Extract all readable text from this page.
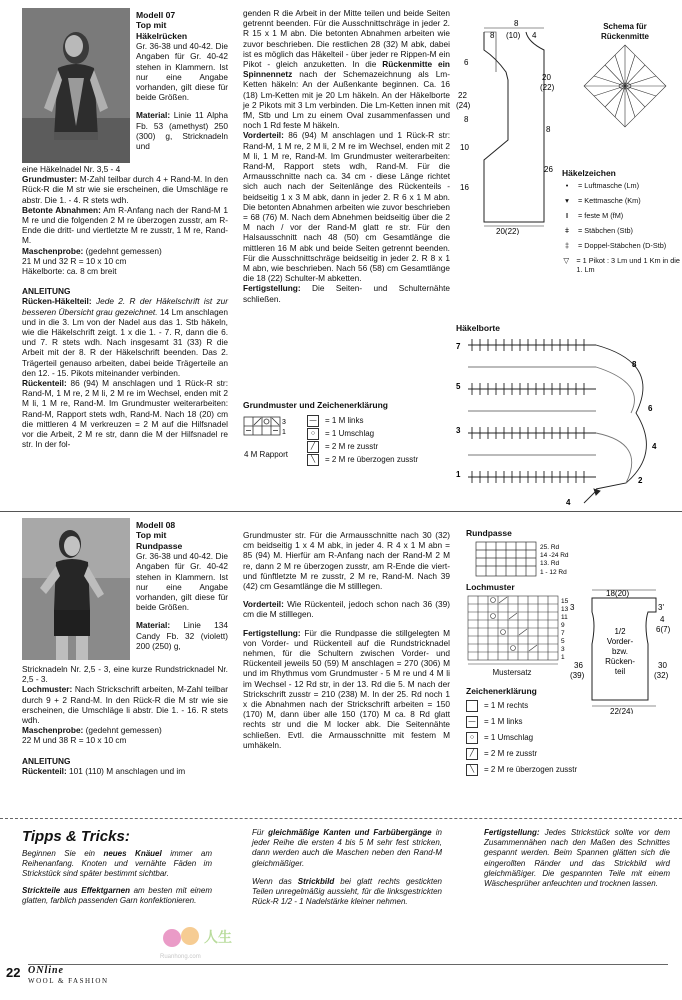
Modell 07
Top mit
Häkelrücken

Gr. 36-38 und 40-42. Die Angaben für Gr. 40-42 stehen in Klammern. Ist nur eine Angabe vorhanden, gilt diese für beide Größen.

Material: Linie 11 Alpha Fb. 53 (amethyst) 250 (300) g, Stricknadeln und

eine Häkelnadel Nr. 3,5 - 4

Grundmuster: M-Zahl teilbar durch 4 + Rand-M. In den Rück-R die M str wie sie erscheinen, die Umschläge re abstr. Die 1. - 4. R stets wdh.

Betonte Abnahmen: Am R-Anfang nach der Rand-M 1 M re und die folgenden 2 M re überzogen zusstr, am R-Ende die dritt- und viertletzte M re zusstr, 1 M re, Rand-M.

Maschenprobe: (gedehnt gemessen)

21 M und 32 R = 10 x 10 cm

Häkelborte: ca. 8 cm breit

ANLEITUNG

Rücken-Häkelteil: Jede 2. R der Häkelschrift ist zur besseren Übersicht grau gezeichnet. 14 Lm anschlagen und in die 3. Lm von der Nadel aus das 1. Stb häkeln, wie die Häkelschrift zeigt. 1 x die 1. - 7. R, dann die 6. und 7. R stets wdh. Nach insgesamt 31 (33) R die Arbeit mit der 8. R der Häkelschrift beenden. Das 2. Trägerteil genauso arbeiten, dabei beide Trägerteile an den 12. - 15. Pikots miteinander verbinden.

Rückenteil: 86 (94) M anschlagen und 1 Rück-R str: Rand-M, 1 M re, 2 M li, 2 M re im Wechsel, enden mit 2 M li, 1 M re, Rand-M. Im Grundmuster weiterarbeiten: Rand-M, Rapport stets wdh, Rand-M. Nach 18 (20) cm die mittleren 4 M verkreuzen = 2 M auf die Hilfsnadel vor die Arbeit, 2 M re str, dann die M der Hilfsnadel re str. In der fol-

genden R die Arbeit in der Mitte teilen und beide Seiten getrennt beenden. Für die Ausschnittschräge in jeder 2. R 15 x 1 M abn. Die betonten Abnahmen arbeiten wie zuvor beschrieben. Die restlichen 28 (32) M abk, dabei ist es möglich das Häkelteil - über jeder re Rippen-M ein Pikot - gleich anzuketten. In die Rückenmitte ein Spinnennetz nach der Schemazeichnung als Lm-Ketten häkeln: An der Außenkante beginnen. Ca. 16 (18) Lm-Ketten mit je 20 Lm häkeln. An der Häkelborte je 2 Pikots mit 3 Lm verbinden. Die Lm-Ketten innen mit fM, Stb und Lm zu einem Oval zusammenfassen und noch 1 Rd feste M häkeln.

Vorderteil: 86 (94) M anschlagen und 1 Rück-R str: Rand-M, 1 M re, 2 M li, 2 M re im Wechsel, enden mit 2 M li, 1 M re, Rand-M. Im Grundmuster weiterarbeiten: Rand-M, Rapport stets wdh, Rand-M. Für die Armausschnitte nach ca. 34 cm - diese Länge richtet sich auch nach der Seitenlänge des Rückenteils - beidseitig 1 x 3 M abk, dann in jeder 2. R 6 x 1 M abn. Die betonten Abnahmen arbeiten wie zuvor beschrieben = 68 (76) M. Nach dem Abnehmen beidseitig über die 2 M nach / vor der Rand-M glatt re str. Für den Halsausschnitt nach 48 (50) cm Gesamtlänge die mittleren 16 M abk und beide Seiten getrennt beenden. Für die Ausschnittschräge beidseitig in jeder 2. R 8 x 1 M abn, wie beschrieben. Nach 56 (58) cm Gesamtlänge die 18 (22) Schulter-M abketten.

Fertigstellung: Die Seiten- und Schulternähte schließen.

Grundmuster und Zeichenerklärung
3
1
4 M Rapport
—	= 1 M links
○	= 1 Umschlag
╱	= 2 M re zusstr
╲	= 2 M re überzogen zusstr
8
8 (10) 4
6
22
(24)
8
10
16
20
(22)
8
26
20(22)
Schema für Rückenmitte
Häkelzeichen
•	= Luftmasche (Lm)
▾	= Kettmasche (Km)
I	= feste M (fM)
ǂ	= Stäbchen (Stb)
‡	= Doppel-Stäbchen (D-Stb)
▽ = 1 Pikot : 3 Lm und 1 Km in die 1. Lm
Häkelborte
7
5
3
1
8
6
4
2
4
Modell 08
Top mit
Rundpasse

Gr. 36-38 und 40-42. Die Angaben für Gr. 40-42 stehen in Klammern. Ist nur eine Angabe vorhanden, gilt diese für beide Größen.

Material: Linie 134 Candy Fb. 32 (violett) 200 (250) g,

Stricknadeln Nr. 2,5 - 3, eine kurze Rundstricknadel Nr. 2,5 - 3.

Lochmuster: Nach Strickschrift arbeiten, M-Zahl teilbar durch 9 + 2 Rand-M. In den Rück-R die M str wie sie erscheinen, die Umschläge li abstr. Die 1. - 16. R stets wdh.

Maschenprobe: (gedehnt gemessen)

22 M und 38 R = 10 x 10 cm

ANLEITUNG

Rückenteil: 101 (110) M anschlagen und im

Grundmuster str. Für die Armausschnitte nach 30 (32) cm beidseitig 1 x 4 M abk, in jeder 4. R 4 x 1 M abn = 85 (94) M. Hierfür am R-Anfang nach der Rand-M 2 M re, dann 2 M re überzogen zusstr, am R-Ende die viert- und fünftletzte M re zusstr, 2 M re, Rand-M. Nach 39 (42) cm Gesamtlänge die M stilllegen.

Vorderteil: Wie Rückenteil, jedoch schon nach 36 (39) cm die M stilllegen.

Fertigstellung: Für die Rundpasse die stillgelegten M von Vorder- und Rückenteil auf die Rundstricknadel nehmen, für die Schultern zwischen Vorder- und Rückenteil jeweils 50 (59) M anschlagen = 270 (306) M und im Rhythmus vom Grundmuster - 5 M re und 4 M li im Wechsel - 12 Rd str, in der 13. Rd die 5. M nach der Strickschrift zusstr = 210 (238) M. In der 25. Rd noch 1 x die Abnahmen nach der Strickschrift arbeiten = 150 (170) M, dann über alle 150 (170) M ca. 8 Rd glatt rechts str und die M locker abk. Die Seitennähte schließen. Evtl. die Armausschnitte mit festem M umhäkeln.

Rundpasse
25. Rd
14 -24 Rd
13. Rd
1 - 12 Rd
Lochmuster
15
13
11
9
7
5
3
1
Mustersatz
18(20)
3	3'
4
6(7)
36
(39)
30
(32)
22(24)
1/2
Vorder-
bzw.
Rücken-
teil
Zeichenerklärung
= 1 M rechts
—	= 1 M links
○	= 1 Umschlag
╱	= 2 M re zusstr
╲	= 2 M re überzogen zusstr
Tipps & Tricks:

Beginnen Sie ein neues Knäuel immer am Reihenanfang. Knoten und vernähte Fäden im Strickstück sind später bestimmt sichtbar.

Strickteile aus Effektgarnen am besten mit einem glatten, farblich passenden Garn konfektionieren.

Für gleichmäßige Kanten und Farbübergänge in jeder Reihe die ersten 4 bis 5 M sehr fest stricken, dann werden auch die Maschen neben den Rand-M gleichmäßiger.

Wenn das Strickbild bei glatt rechts gestickten Teilen unregelmäßig aussieht, für die linksgestrickten Rück-R 1/2 - 1 Nadelstärke kleiner nehmen.

Fertigstellung: Jedes Strickstück sollte vor dem Zusammennähen nach den Maßen des Schnittes gespannt werden. Beim Spannen glätten sich die eingerollten Ränder und das Strickbild wird gleichmäßiger. Die gespannten Teile mit einem Wäschesprüher anfeuchten und trocknen lassen.

人生
Ruanhong.com
22 ONline
WOOL & FASHION
